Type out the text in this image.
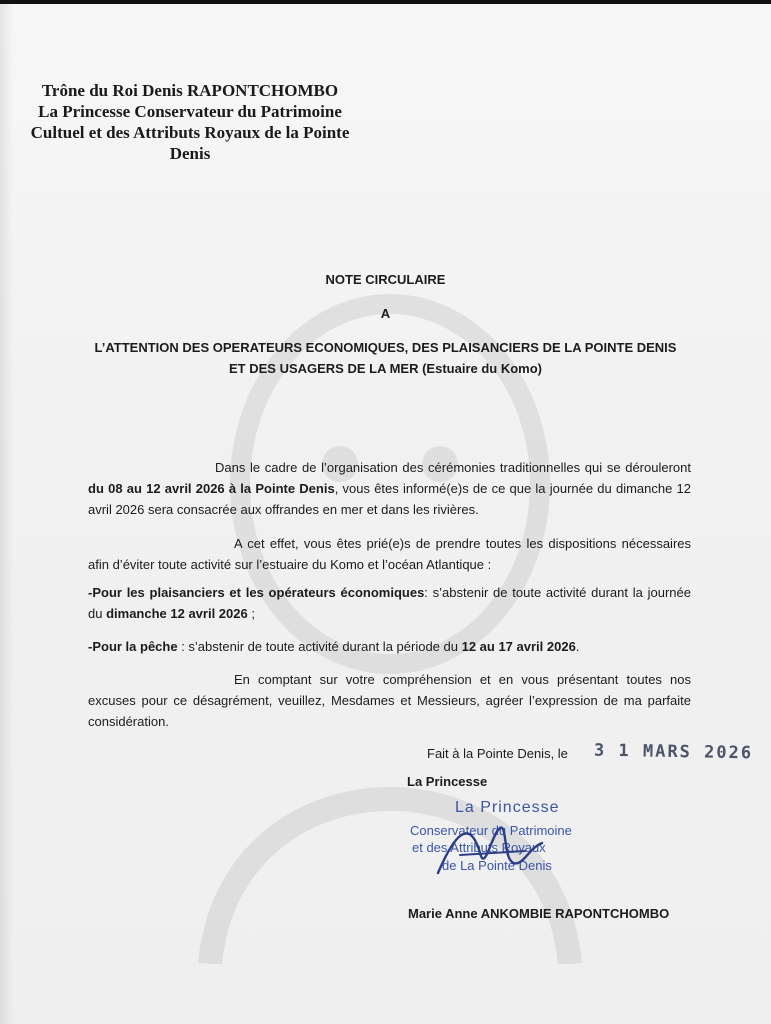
Trône du Roi Denis RAPONTCHOMBO
La Princesse Conservateur du Patrimoine
Cultuel et des Attributs Royaux de la Pointe
Denis
NOTE CIRCULAIRE
A
L’ATTENTION DES OPERATEURS ECONOMIQUES, DES PLAISANCIERS DE LA POINTE DENIS
ET DES USAGERS DE LA MER (Estuaire du Komo)
Dans le cadre de l’organisation des cérémonies traditionnelles qui se dérouleront du 08 au 12 avril 2026 à la Pointe Denis, vous êtes informé(e)s de ce que la journée du dimanche 12 avril 2026 sera consacrée aux offrandes en mer et dans les rivières.
A cet effet, vous êtes prié(e)s de prendre toutes les dispositions nécessaires afin d’éviter toute activité sur l’estuaire du Komo et l’océan Atlantique :
-Pour les plaisanciers et les opérateurs économiques: s’abstenir de toute activité durant la journée du dimanche 12 avril 2026 ;
-Pour la pêche : s’abstenir de toute activité durant la période du 12 au 17 avril 2026.
En comptant sur votre compréhension et en vous présentant toutes nos excuses pour ce désagrément, veuillez, Mesdames et Messieurs, agréer l’expression de ma parfaite considération.
Fait à la Pointe Denis, le 3 1 MARS 2026
La Princesse
La Princesse
Conservateur du Patrimoine
et des Attributs Royaux
de La Pointe Denis
Marie Anne ANKOMBIE RAPONTCHOMBO
